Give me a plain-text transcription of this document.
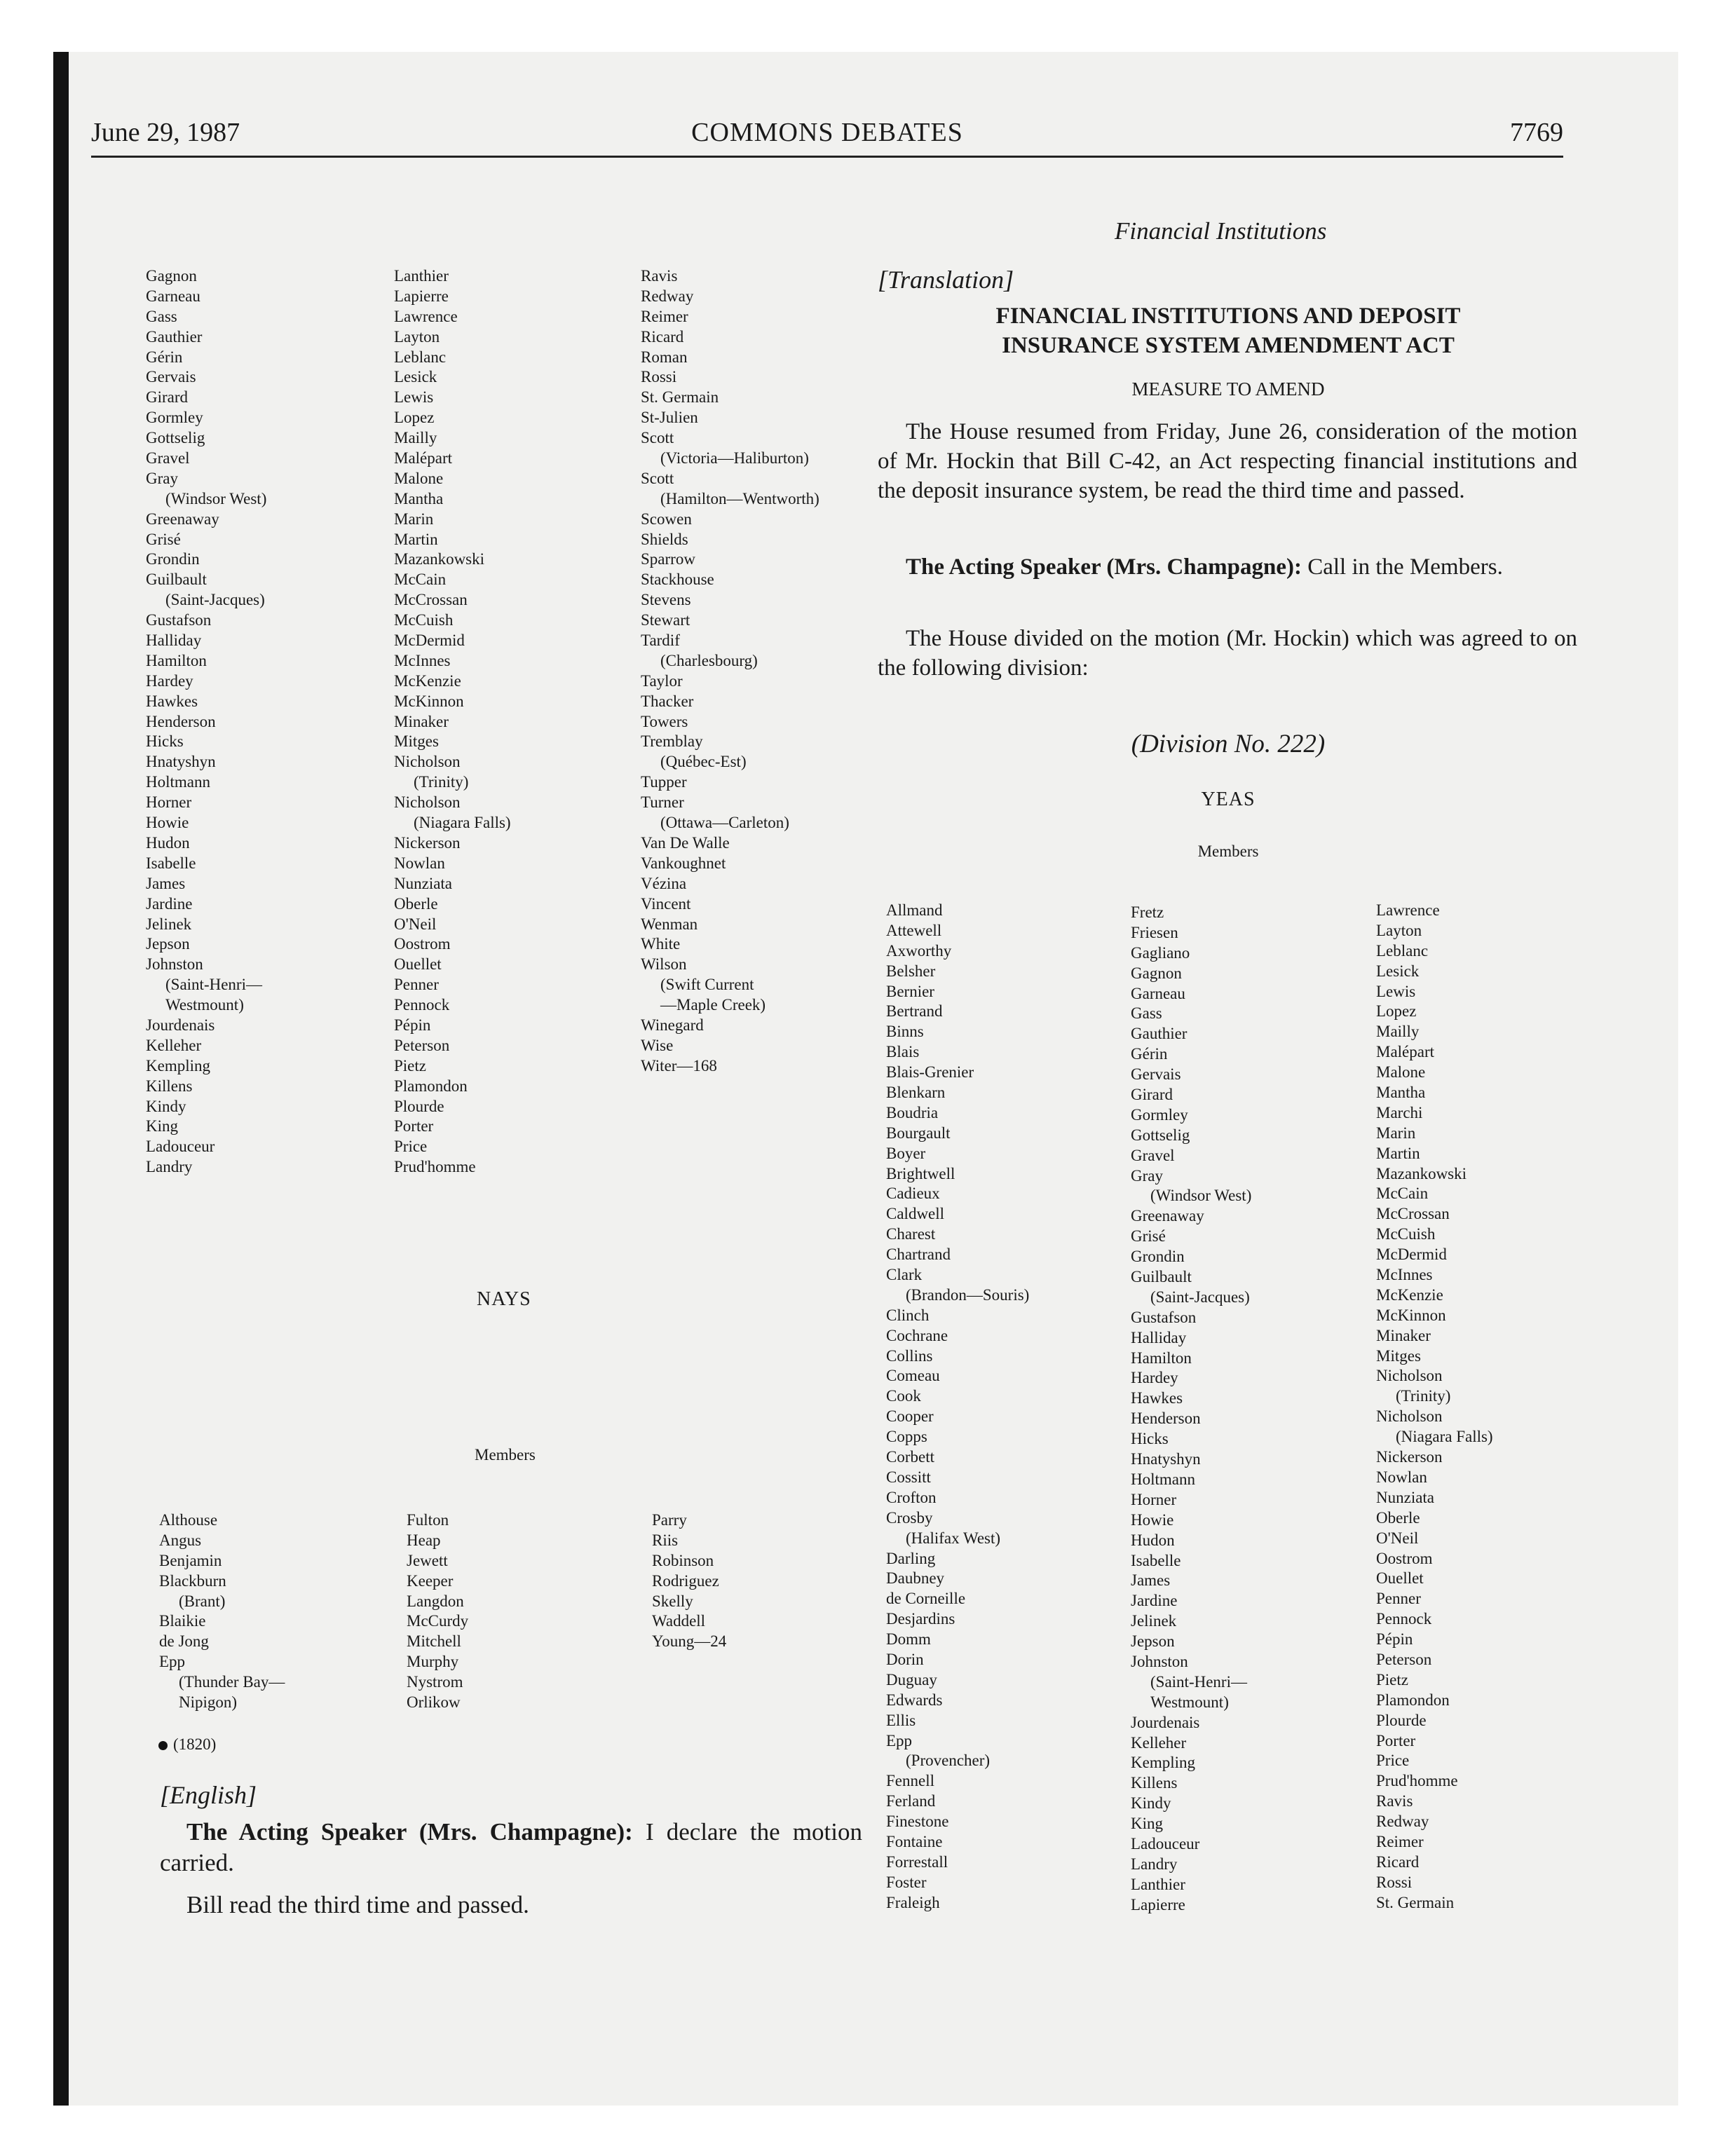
June 29, 1987	COMMONS DEBATES	7769
Financial Institutions
Gagnon
Garneau
Gass
Gauthier
Gérin
Gervais
Girard
Gormley
Gottselig
Gravel
Gray
(Windsor West)
Greenaway
Grisé
Grondin
Guilbault
(Saint-Jacques)
Gustafson
Halliday
Hamilton
Hardey
Hawkes
Henderson
Hicks
Hnatyshyn
Holtmann
Horner
Howie
Hudon
Isabelle
James
Jardine
Jelinek
Jepson
Johnston
(Saint-Henri—
Westmount)
Jourdenais
Kelleher
Kempling
Killens
Kindy
King
Ladouceur
Landry
Lanthier
Lapierre
Lawrence
Layton
Leblanc
Lesick
Lewis
Lopez
Mailly
Malépart
Malone
Mantha
Marin
Martin
Mazankowski
McCain
McCrossan
McCuish
McDermid
McInnes
McKenzie
McKinnon
Minaker
Mitges
Nicholson
(Trinity)
Nicholson
(Niagara Falls)
Nickerson
Nowlan
Nunziata
Oberle
O'Neil
Oostrom
Ouellet
Penner
Pennock
Pépin
Peterson
Pietz
Plamondon
Plourde
Porter
Price
Prud'homme
Ravis
Redway
Reimer
Ricard
Roman
Rossi
St. Germain
St-Julien
Scott
(Victoria—Haliburton)
Scott
(Hamilton—Wentworth)
Scowen
Shields
Sparrow
Stackhouse
Stevens
Stewart
Tardif
(Charlesbourg)
Taylor
Thacker
Towers
Tremblay
(Québec-Est)
Tupper
Turner
(Ottawa—Carleton)
Van De Walle
Vankoughnet
Vézina
Vincent
Wenman
White
Wilson
(Swift Current
—Maple Creek)
Winegard
Wise
Witer—168
NAYS
Members
Althouse
Angus
Benjamin
Blackburn
(Brant)
Blaikie
de Jong
Epp
(Thunder Bay—
Nipigon)
Fulton
Heap
Jewett
Keeper
Langdon
McCurdy
Mitchell
Murphy
Nystrom
Orlikow
Parry
Riis
Robinson
Rodriguez
Skelly
Waddell
Young—24
(1820)
[English]
The Acting Speaker (Mrs. Champagne): I declare the motion carried.
Bill read the third time and passed.
[Translation]
FINANCIAL INSTITUTIONS AND DEPOSIT
INSURANCE SYSTEM AMENDMENT ACT
MEASURE TO AMEND
The House resumed from Friday, June 26, consideration of the motion of Mr. Hockin that Bill C-42, an Act respecting financial institutions and the deposit insurance system, be read the third time and passed.
The Acting Speaker (Mrs. Champagne): Call in the Members.
The House divided on the motion (Mr. Hockin) which was agreed to on the following division:
(Division No. 222)
YEAS
Members
Allmand
Attewell
Axworthy
Belsher
Bernier
Bertrand
Binns
Blais
Blais-Grenier
Blenkarn
Boudria
Bourgault
Boyer
Brightwell
Cadieux
Caldwell
Charest
Chartrand
Clark
(Brandon—Souris)
Clinch
Cochrane
Collins
Comeau
Cook
Cooper
Copps
Corbett
Cossitt
Crofton
Crosby
(Halifax West)
Darling
Daubney
de Corneille
Desjardins
Domm
Dorin
Duguay
Edwards
Ellis
Epp
(Provencher)
Fennell
Ferland
Finestone
Fontaine
Forrestall
Foster
Fraleigh
Fretz
Friesen
Gagliano
Gagnon
Garneau
Gass
Gauthier
Gérin
Gervais
Girard
Gormley
Gottselig
Gravel
Gray
(Windsor West)
Greenaway
Grisé
Grondin
Guilbault
(Saint-Jacques)
Gustafson
Halliday
Hamilton
Hardey
Hawkes
Henderson
Hicks
Hnatyshyn
Holtmann
Horner
Howie
Hudon
Isabelle
James
Jardine
Jelinek
Jepson
Johnston
(Saint-Henri—
Westmount)
Jourdenais
Kelleher
Kempling
Killens
Kindy
King
Ladouceur
Landry
Lanthier
Lapierre
Lawrence
Layton
Leblanc
Lesick
Lewis
Lopez
Mailly
Malépart
Malone
Mantha
Marchi
Marin
Martin
Mazankowski
McCain
McCrossan
McCuish
McDermid
McInnes
McKenzie
McKinnon
Minaker
Mitges
Nicholson
(Trinity)
Nicholson
(Niagara Falls)
Nickerson
Nowlan
Nunziata
Oberle
O'Neil
Oostrom
Ouellet
Penner
Pennock
Pépin
Peterson
Pietz
Plamondon
Plourde
Porter
Price
Prud'homme
Ravis
Redway
Reimer
Ricard
Rossi
St. Germain
